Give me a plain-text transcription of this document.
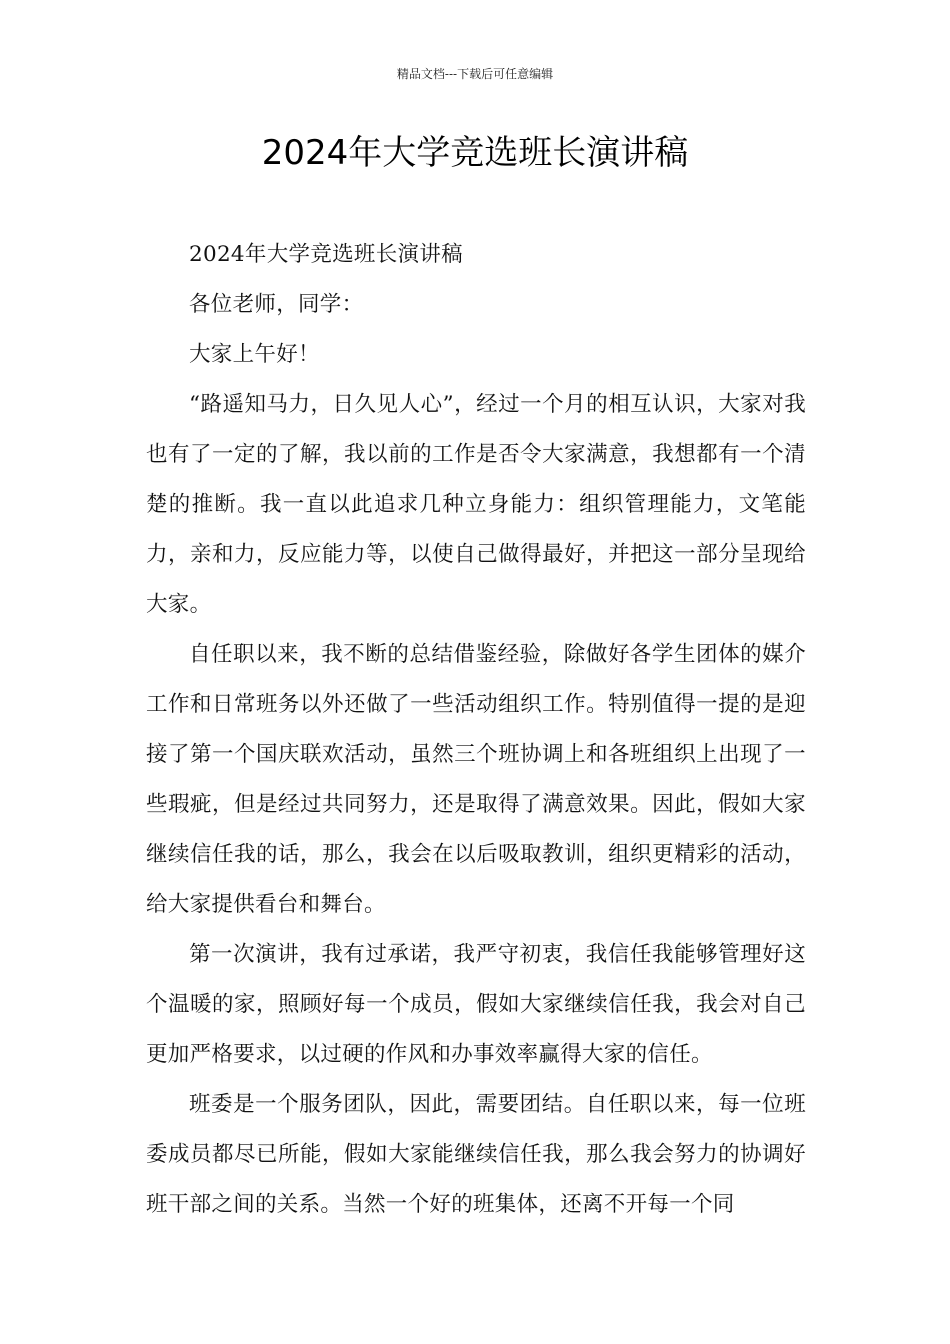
精品文档---下载后可任意编辑
2024年大学竞选班长演讲稿

2024年大学竞选班长演讲稿

各位老师，同学：

大家上午好！

“路遥知马力，日久见人心”，经过一个月的相互认识，大家对我也有了一定的了解，我以前的工作是否令大家满意，我想都有一个清楚的推断。我一直以此追求几种立身能力：组织管理能力，文笔能力，亲和力，反应能力等，以使自己做得最好，并把这一部分呈现给大家。

自任职以来，我不断的总结借鉴经验，除做好各学生团体的媒介工作和日常班务以外还做了一些活动组织工作。特别值得一提的是迎接了第一个国庆联欢活动，虽然三个班协调上和各班组织上出现了一些瑕疵，但是经过共同努力，还是取得了满意效果。因此，假如大家继续信任我的话，那么，我会在以后吸取教训，组织更精彩的活动，给大家提供看台和舞台。

第一次演讲，我有过承诺，我严守初衷，我信任我能够管理好这个温暖的家，照顾好每一个成员，假如大家继续信任我，我会对自己更加严格要求，以过硬的作风和办事效率赢得大家的信任。

班委是一个服务团队，因此，需要团结。自任职以来，每一位班委成员都尽已所能，假如大家能继续信任我，那么我会努力的协调好班干部之间的关系。当然一个好的班集体，还离不开每一个同
